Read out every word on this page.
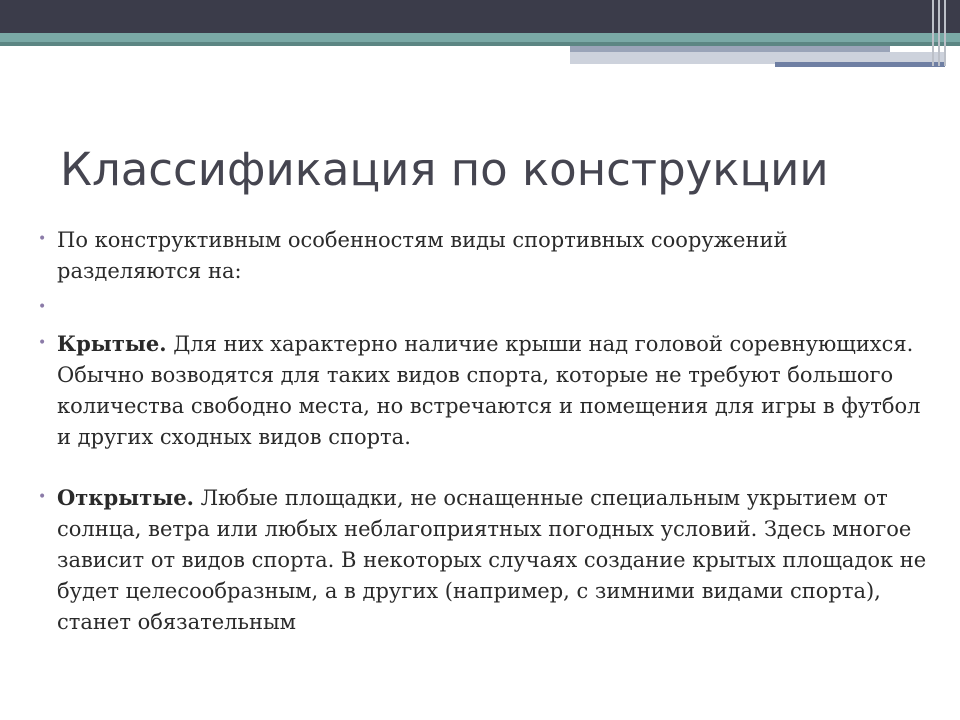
Классификация по конструкции
• По конструктивным особенностям виды спортивных сооружений разделяются на:
•

• Крытые. Для них характерно наличие крыши над головой соревнующихся. Обычно возводятся для таких видов спорта, которые не требуют большого количества свободно места, но встречаются и помещения для игры в футбол и других сходных видов спорта.
• Открытые. Любые площадки, не оснащенные специальным укрытием от солнца, ветра или любых неблагоприятных погодных условий. Здесь многое зависит от видов спорта. В некоторых случаях создание крытых площадок не будет целесообразным, а в других (например, с зимними видами спорта), станет обязательным
